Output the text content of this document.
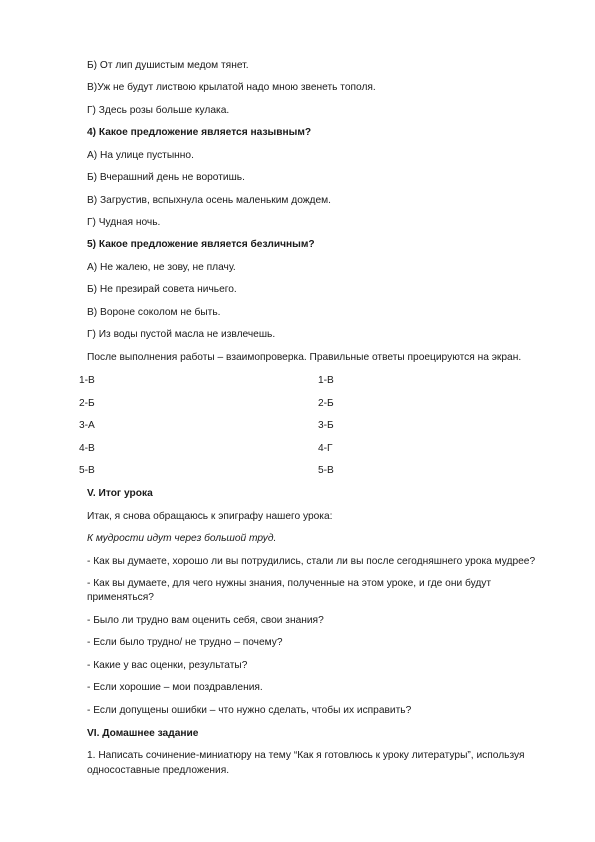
Б) От лип душистым медом тянет.
В)Уж не будут листвою крылатой надо мною звенеть тополя.
Г) Здесь розы больше кулака.
4) Какое предложение является назывным?
А) На улице пустынно.
Б) Вчерашний день не воротишь.
В) Загрустив, вспыхнула осень маленьким дождем.
Г) Чудная ночь.
5) Какое предложение является безличным?
А) Не жалею, не зову, не плачу.
Б) Не презирай совета ничьего.
В) Вороне соколом не быть.
Г) Из воды пустой масла не извлечешь.
После выполнения работы – взаимопроверка. Правильные ответы проецируются на экран.
1-В	1-В
2-Б	2-Б
3-А	3-Б
4-В	4-Г
5-В	5-В
V. Итог урока
Итак, я снова обращаюсь к эпиграфу нашего урока:
К мудрости идут через большой труд.
- Как вы думаете, хорошо ли вы потрудились, стали ли вы после сегодняшнего урока мудрее?
- Как вы думаете, для чего нужны знания, полученные на этом уроке, и где они будут
применяться?
- Было ли трудно вам оценить себя, свои знания?
- Если было трудно/ не трудно – почему?
- Какие у вас оценки, результаты?
- Если хорошие – мои поздравления.
- Если допущены ошибки – что нужно сделать, чтобы их исправить?
VI. Домашнее задание
1. Написать сочинение-миниатюру на тему “Как я готовлюсь к уроку литературы”, используя
односоставные предложения.
